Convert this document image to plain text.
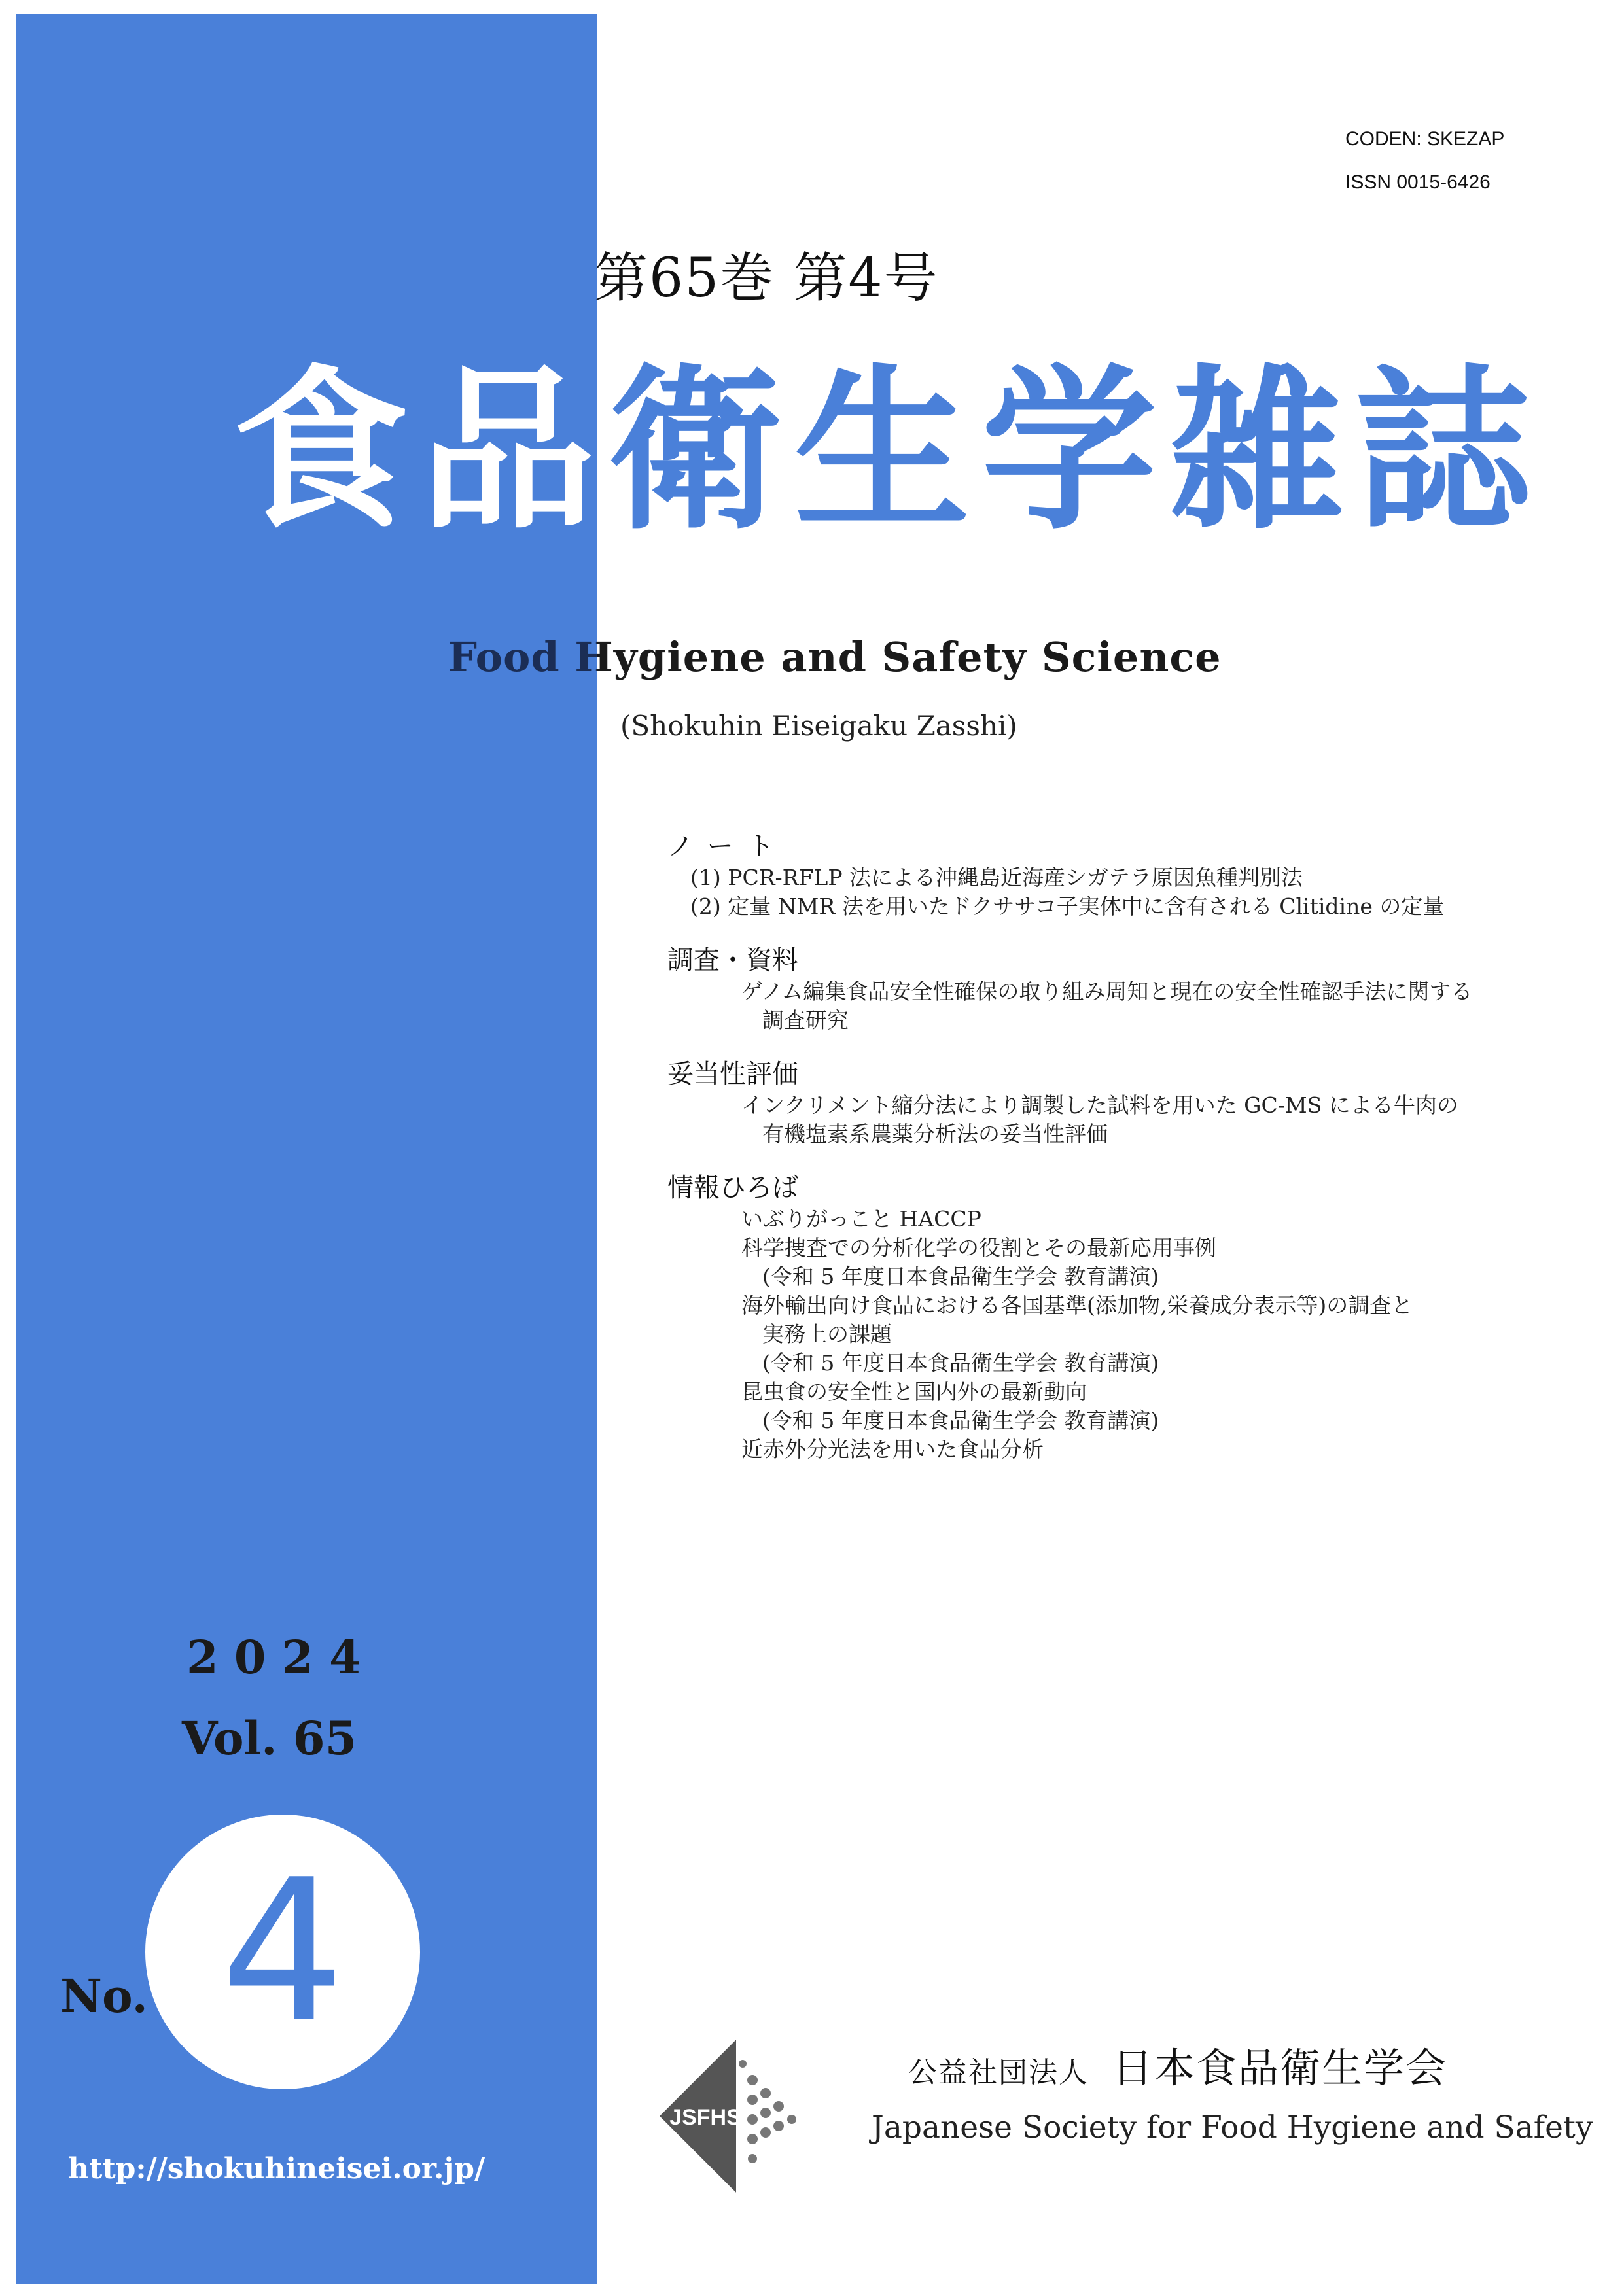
CODEN: SKEZAP

ISSN 0015-6426

第65巻 第4号

食品衛生学雑誌

Food Hygiene and Safety Science

(Shokuhin Eiseigaku Zasshi)

ノート
(1) PCR-RFLP 法による沖縄島近海産シガテラ原因魚種判別法
(2) 定量 NMR 法を用いたドクササコ子実体中に含有される Clitidine の定量
調査・資料
ゲノム編集食品安全性確保の取り組み周知と現在の安全性確認手法に関する
調査研究
妥当性評価
インクリメント縮分法により調製した試料を用いた GC-MS による牛肉の
有機塩素系農薬分析法の妥当性評価
情報ひろば
いぶりがっこと HACCP
科学捜査での分析化学の役割とその最新応用事例
(令和 5 年度日本食品衛生学会 教育講演)
海外輸出向け食品における各国基準(添加物,栄養成分表示等)の調査と
実務上の課題
(令和 5 年度日本食品衛生学会 教育講演)
昆虫食の安全性と国内外の最新動向
(令和 5 年度日本食品衛生学会 教育講演)
近赤外分光法を用いた食品分析

2024

Vol. 65

No. 4

http://shokuhineisei.or.jp/

JSFHS

公益社団法人 日本食品衛生学会

Japanese Society for Food Hygiene and Safety
